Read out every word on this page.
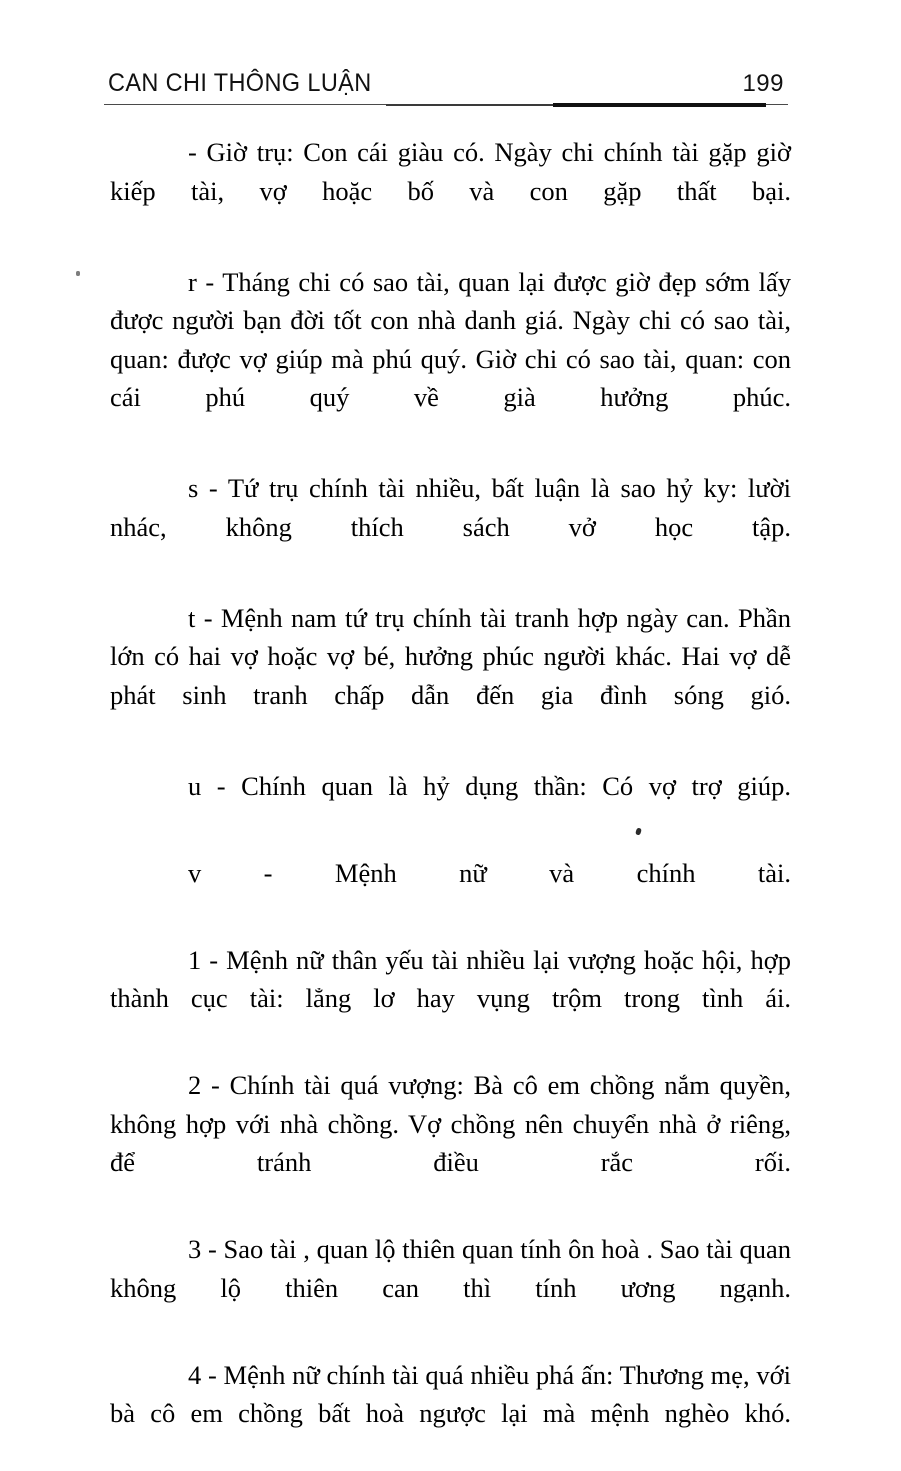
CAN CHI THÔNG LUẬN	199

- Giờ trụ: Con cái giàu có. Ngày chi chính tài gặp giờ kiếp tài, vợ hoặc bố và con gặp thất bại.

r - Tháng chi có sao tài, quan lại được giờ đẹp sớm lấy được người bạn đời tốt con nhà danh giá. Ngày chi có sao tài, quan: được vợ giúp mà phú quý. Giờ chi có sao tài, quan: con cái phú quý về già hưởng phúc.

s - Tứ trụ chính tài nhiều, bất luận là sao hỷ ky: lười nhác, không thích sách vở học tập.

t - Mệnh nam tứ trụ chính tài tranh hợp ngày can. Phần lớn có hai vợ hoặc vợ bé, hưởng phúc người khác. Hai vợ dễ phát sinh tranh chấp dẫn đến gia đình sóng gió.

u - Chính quan là hỷ dụng thần: Có vợ trợ giúp.

v - Mệnh nữ và chính tài.

1 - Mệnh nữ thân yếu tài nhiều lại vượng hoặc hội, hợp thành cục tài: lẳng lơ hay vụng trộm trong tình ái.

2 - Chính tài quá vượng: Bà cô em chồng nắm quyền, không hợp với nhà chồng. Vợ chồng nên chuyển nhà ở riêng, để tránh điều rắc rối.

3 - Sao tài , quan lộ thiên quan tính ôn hoà . Sao tài quan không lộ thiên can thì tính ương ngạnh.

4 - Mệnh nữ chính tài quá nhiều phá ấn: Thương mẹ, với bà cô em chồng bất hoà ngược lại mà mệnh nghèo khó.
